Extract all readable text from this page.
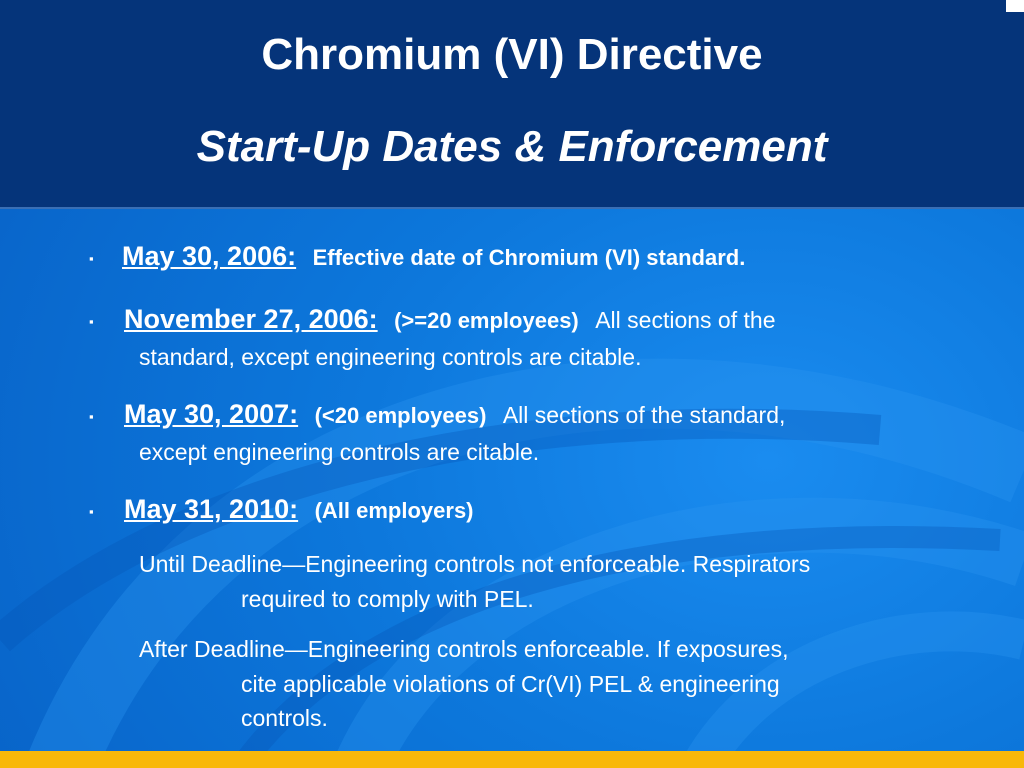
Chromium (VI) Directive
Start-Up Dates & Enforcement
▪ May 30, 2006: Effective date of Chromium (VI) standard.
▪ November 27, 2006: (>=20 employees) All sections of the
standard, except engineering controls are citable.
▪ May 30, 2007: (<20 employees) All sections of the standard,
except engineering controls are citable.
▪ May 31, 2010: (All employers)
Until Deadline—Engineering controls not enforceable. Respirators
required to comply with PEL.
After Deadline—Engineering controls enforceable. If exposures,
cite applicable violations of Cr(VI) PEL & engineering
controls.
